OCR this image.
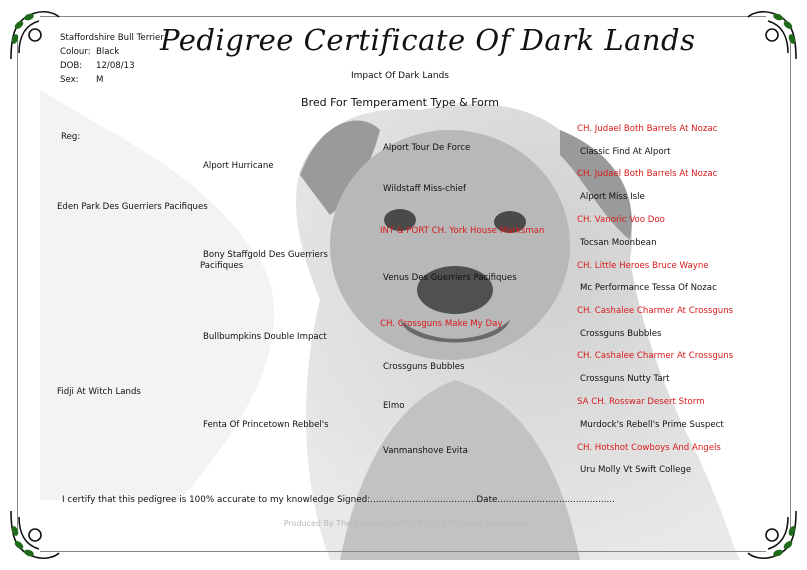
Staffordshire Bull Terrier
Colour: Black
DOB: 12/08/13
Sex: M
Pedigree Certificate Of Dark Lands
Impact Of Dark Lands
Bred For Temperament Type & Form
Reg:
Eden Park Des Guerriers Pacifiques
Fidji At Witch Lands
Alport Hurricane
Bony Staffgold Des Guerriers
Pacifiques
Bullbumpkins Double Impact
Fenta Of Princetown Rebbel's
Alport Tour De Force
Wildstaff Miss-chief
INT & PORT CH. York House Marksman
Venus Des Guerriers Pacifiques
CH. Crossguns Make My Day
Crossguns Bubbles
Elmo
Vanmanshove Evita
CH. Judael Both Barrels At Nozac
Classic Find At Alport
CH. Judael Both Barrels At Nozac
Alport Miss Isle
CH. Vanoric Voo Doo
Tocsan Moonbean
CH. Little Heroes Bruce Wayne
Mc Performance Tessa Of Nozac
CH. Cashalee Charmer At Crossguns
Crossguns Bubbles
CH. Cashalee Charmer At Crossguns
Crossguns Nutty Tart
SA CH. Rosswar Desert Storm
Murdock's Rebell's Prime Suspect
CH. Hotshot Cowboys And Angels
Uru Molly Vt Swift College
I certify that this pedigree is 100% accurate to my knowledge Signed:......................................Date..........................................
Produced By The CompanionXP V4 2012 For Alain Bonnardel
